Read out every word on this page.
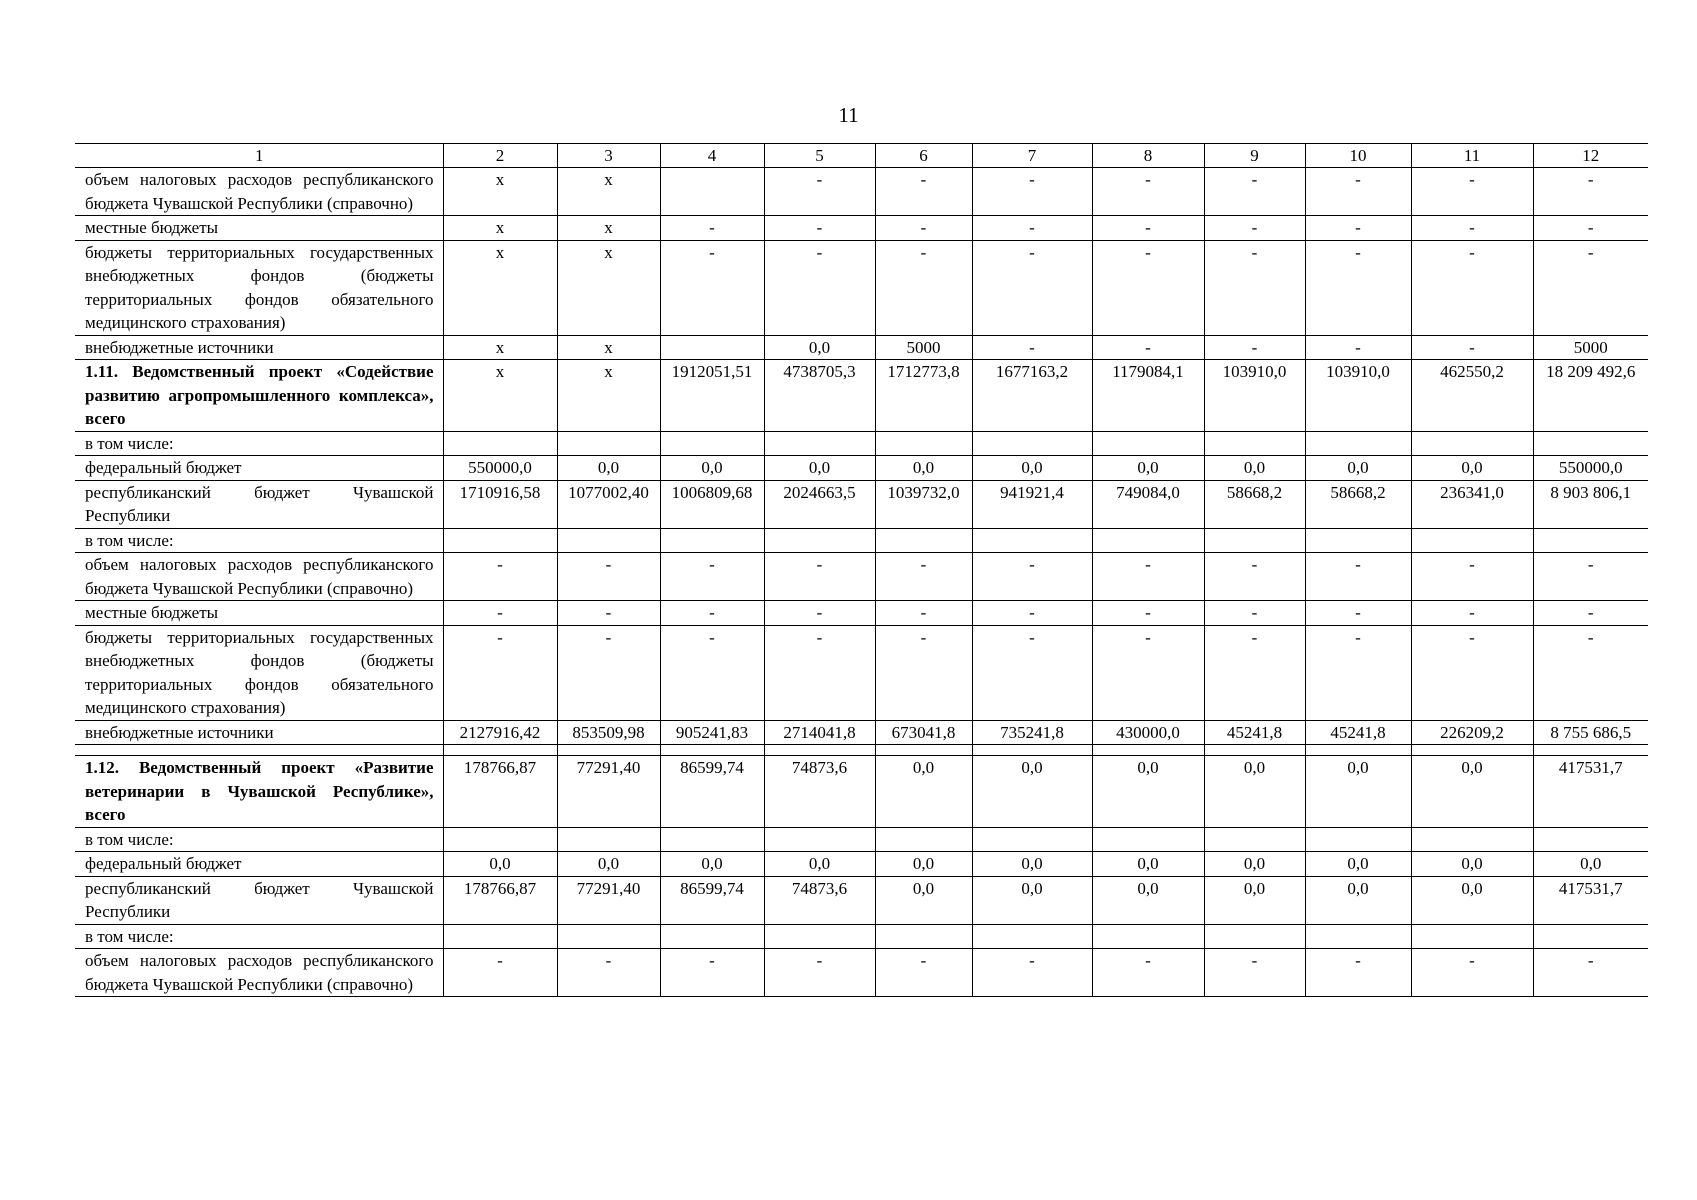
11
1	2	3	4	5	6	7	8	9	10	11	12
объем налоговых расходов республиканского бюджета Чувашской Республики (справочно)	x	x		-	-	-	-	-	-	-	-
местные бюджеты	x	x	-	-	-	-	-	-	-	-	-
бюджеты территориальных государственных внебюджетных фондов (бюджеты территориальных фондов обязательного медицинского страхования)	x	x	-	-	-	-	-	-	-	-	-
внебюджетные источники	x	x		0,0	5000	-	-	-	-	-	5000
1.11. Ведомственный проект «Содействие развитию агропромышленного комплекса», всего	x	x	1912051,51	4738705,3	1712773,8	1677163,2	1179084,1	103910,0	103910,0	462550,2	18 209 492,6
в том числе:											
федеральный бюджет	550000,0	0,0	0,0	0,0	0,0	0,0	0,0	0,0	0,0	0,0	550000,0
республиканский бюджет Чувашской Республики	1710916,58	1077002,40	1006809,68	2024663,5	1039732,0	941921,4	749084,0	58668,2	58668,2	236341,0	8 903 806,1
в том числе:											
объем налоговых расходов республиканского бюджета Чувашской Республики (справочно)	-	-	-	-	-	-	-	-	-	-	-
местные бюджеты	-	-	-	-	-	-	-	-	-	-	-
бюджеты территориальных государственных внебюджетных фондов (бюджеты территориальных фондов обязательного медицинского страхования)	-	-	-	-	-	-	-	-	-	-	-
внебюджетные источники	2127916,42	853509,98	905241,83	2714041,8	673041,8	735241,8	430000,0	45241,8	45241,8	226209,2	8 755 686,5

1.12. Ведомственный проект «Развитие ветеринарии в Чувашской Республике», всего	178766,87	77291,40	86599,74	74873,6	0,0	0,0	0,0	0,0	0,0	0,0	417531,7
в том числе:											
федеральный бюджет	0,0	0,0	0,0	0,0	0,0	0,0	0,0	0,0	0,0	0,0	0,0
республиканский бюджет Чувашской Республики	178766,87	77291,40	86599,74	74873,6	0,0	0,0	0,0	0,0	0,0	0,0	417531,7
в том числе:											
объем налоговых расходов республиканского бюджета Чувашской Республики (справочно)	-	-	-	-	-	-	-	-	-	-	-
